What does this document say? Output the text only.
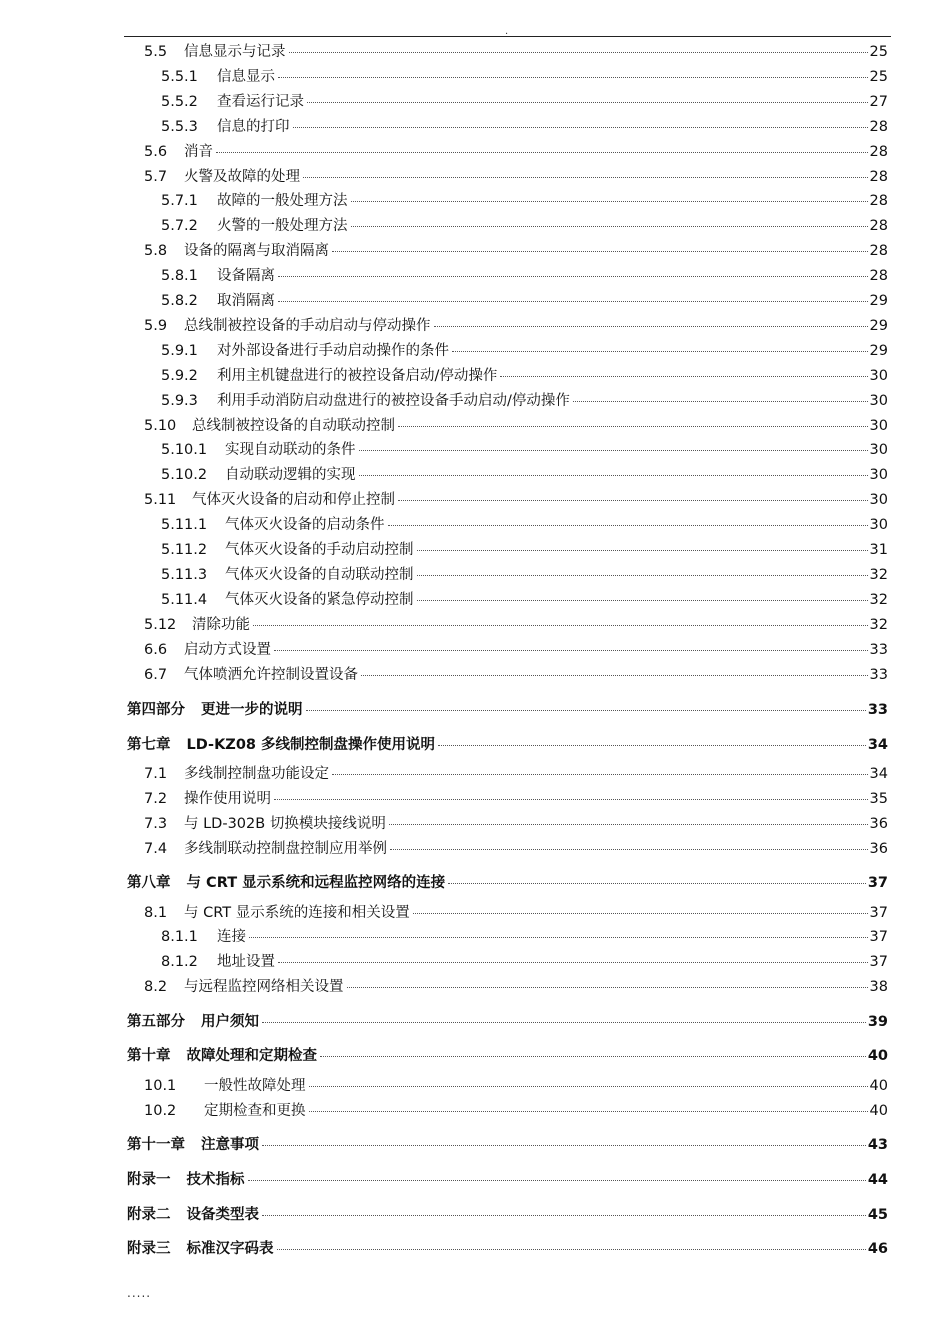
.
5.5	信息显示与记录	25
5.5.1	信息显示	25
5.5.2	查看运行记录	27
5.5.3	信息的打印	28
5.6	消音	28
5.7	火警及故障的处理	28
5.7.1	故障的一般处理方法	28
5.7.2	火警的一般处理方法	28
5.8	设备的隔离与取消隔离	28
5.8.1	设备隔离	28
5.8.2	取消隔离	29
5.9	总线制被控设备的手动启动与停动操作	29
5.9.1	对外部设备进行手动启动操作的条件	29
5.9.2	利用主机键盘进行的被控设备启动/停动操作	30
5.9.3	利用手动消防启动盘进行的被控设备手动启动/停动操作	30
5.10	总线制被控设备的自动联动控制	30
5.10.1	实现自动联动的条件	30
5.10.2	自动联动逻辑的实现	30
5.11	气体灭火设备的启动和停止控制	30
5.11.1	气体灭火设备的启动条件	30
5.11.2	气体灭火设备的手动启动控制	31
5.11.3	气体灭火设备的自动联动控制	32
5.11.4	气体灭火设备的紧急停动控制	32
5.12	清除功能	32
6.6	启动方式设置	33
6.7	气体喷洒允许控制设置设备	33
第四部分 更进一步的说明	33
第七章 LD-KZ08 多线制控制盘操作使用说明	34
7.1	多线制控制盘功能设定	34
7.2	操作使用说明	35
7.3	与 LD-302B 切换模块接线说明	36
7.4	多线制联动控制盘控制应用举例	36
第八章 与 CRT 显示系统和远程监控网络的连接	37
8.1	与 CRT 显示系统的连接和相关设置	37
8.1.1	连接	37
8.1.2	地址设置	37
8.2	与远程监控网络相关设置	38
第五部分 用户须知	39
第十章 故障处理和定期检查	40
10.1	一般性故障处理	40
10.2	定期检查和更换	40
第十一章 注意事项	43
附录一 技术指标	44
附录二 设备类型表	45
附录三 标准汉字码表	46
.....
